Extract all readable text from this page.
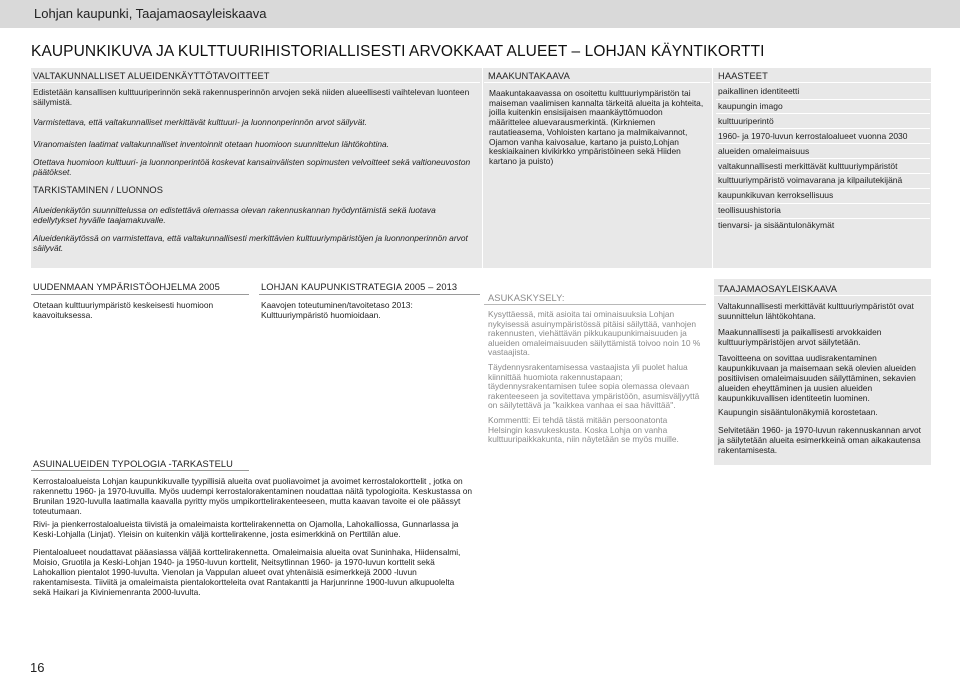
Lohjan kaupunki, Taajamaosayleiskaava
KAUPUNKIKUVA JA KULTTUURIHISTORIALLISESTI ARVOKKAAT ALUEET – LOHJAN KÄYNTIKORTTI
VALTAKUNNALLISET ALUEIDENKÄYTTÖTAVOITTEET
Edistetään kansallisen kulttuuriperinnön sekä rakennusperinnön arvojen sekä niiden alueellisesti vaihtelevan luonteen säilymistä.
Varmistettava, että valtakunnalliset merkittävät kulttuuri- ja luonnonperinnön arvot säilyvät.
Viranomaisten laatimat valtakunnalliset inventoinnit otetaan huomioon suunnittelun lähtökohtina.
Otettava huomioon kulttuuri- ja luonnonperintöä koskevat kansainvälisten sopimusten velvoitteet sekä valtioneuvoston päätökset.
TARKISTAMINEN / LUONNOS
Alueidenkäytön suunnittelussa on edistettävä olemassa olevan rakennuskannan hyödyntämistä sekä luotava edellytykset hyvälle taajamakuvalle.
Alueidenkäytössä on varmistettava, että valtakunnallisesti merkittävien kulttuuriympäristöjen ja luonnonperinnön arvot säilyvät.
MAAKUNTAKAAVA
Maakuntakaavassa on osoitettu kulttuuriympäristön tai maiseman vaalimisen kannalta tärkeitä alueita ja kohteita, joilla kuitenkin ensisijaisen maankäyttömuodon määrittelee aluevarausmerkintä. (Kirkniemen rautatieasema, Vohloisten kartano ja malmikaivannot, Ojamon vanha kaivosalue, kartano ja puisto,Lohjan keskiaikainen kivikirkko ympäristöineen sekä Hiiden kartano ja puisto)
HAASTEET
paikallinen identiteetti
kaupungin imago
kulttuuriperintö
1960- ja 1970-luvun kerrostaloalueet vuonna 2030
alueiden omaleimaisuus
valtakunnallisesti merkittävät kulttuuriympäristöt
kulttuuriympäristö voimavarana ja kilpailutekijänä
kaupunkikuvan kerroksellisuus
teollisuushistoria
tienvarsi- ja sisääntulonäkymät
UUDENMAAN YMPÄRISTÖOHJELMA 2005
Otetaan kulttuuriympäristö keskeisesti huomioon kaavoituksessa.
LOHJAN KAUPUNKISTRATEGIA 2005 – 2013
Kaavojen toteutuminen/tavoitetaso 2013: Kulttuuriympäristö huomioidaan.
ASUKASKYSELY:
Kysyttäessä, mitä asioita tai ominaisuuksia Lohjan nykyisessä asuinympäristössä pitäisi säilyttää, vanhojen rakennusten, viehättävän pikkukaupunkimaisuuden ja alueiden omaleimaisuuden säilyttämistä toivoo noin 10 % vastaajista.
Täydennysrakentamisessa vastaajista yli puolet halua kiinnittää huomiota rakennustapaan; täydennysrakentamisen tulee sopia olemassa olevaan rakenteeseen ja sovitettava ympäristöön, asumisväljyyttä on säilytettävä ja "kaikkea vanhaa ei saa hävittää".
Kommentti: Ei tehdä tästä mitään persoonatonta Helsingin kasvukeskusta. Koska Lohja on vanha kulttuuripaikkakunta, niin näytetään se myös muille.
ASUINALUEIDEN TYPOLOGIA -TARKASTELU
Kerrostaloalueista Lohjan kaupunkikuvalle tyypillisiä alueita ovat puoliavoimet ja avoimet kerrostalokorttelit , jotka on rakennettu 1960- ja 1970-luvuilla. Myös uudempi kerrostalorakentaminen noudattaa näitä typologioita. Keskustassa on Brunilan 1920-luvulla laatimalla kaavalla pyritty myös umpikorttelirakenteeseen, mutta kaavan tavoite ei ole päässyt toteutumaan.
Rivi- ja pienkerrostaloalueista tiivistä ja omaleimaista korttelirakennetta on Ojamolla, Lahokalliossa, Gunnarlassa ja Keski-Lohjalla (Linjat). Yleisin on kuitenkin väljä korttelirakenne, josta esimerkkinä on Perttilän alue.
Pientaloalueet noudattavat pääasiassa väljää korttelirakennetta. Omaleimaisia alueita ovat Suninhaka, Hiidensalmi, Moisio, Gruotila ja Keski-Lohjan 1940- ja 1950-luvun korttelit, Neitsytlinnan 1960- ja 1970-luvun korttelit sekä Lahokallion pientalot 1990-luvulta. Vienolan ja Vappulan alueet ovat yhtenäisiä esimerkkejä 2000 -luvun rakentamisesta. Tiiviitä ja omaleimaista pientalokortteleita ovat Rantakantti ja Harjunrinne 1900-luvun alkupuolelta sekä Haikari ja Kiviniemenranta 2000-luvulta.
TAAJAMAOSAYLEISKAAVA
Valtakunnallisesti merkittävät kulttuuriympäristöt ovat suunnittelun lähtökohtana.
Maakunnallisesti ja paikallisesti arvokkaiden kulttuuriympäristöjen arvot säilytetään.
Tavoitteena on sovittaa uudisrakentaminen kaupunkikuvaan ja maisemaan sekä olevien alueiden positiivisen omaleimaisuuden säilyttäminen, sekavien alueiden eheyttäminen ja uusien alueiden kaupunkikuvallisen identiteetin luominen.
Kaupungin sisääntulonäkymiä korostetaan.
Selvitetään 1960- ja 1970-luvun rakennuskannan arvot ja säilytetään alueita esimerkkeinä oman aikakautensa rakentamisesta.
16
